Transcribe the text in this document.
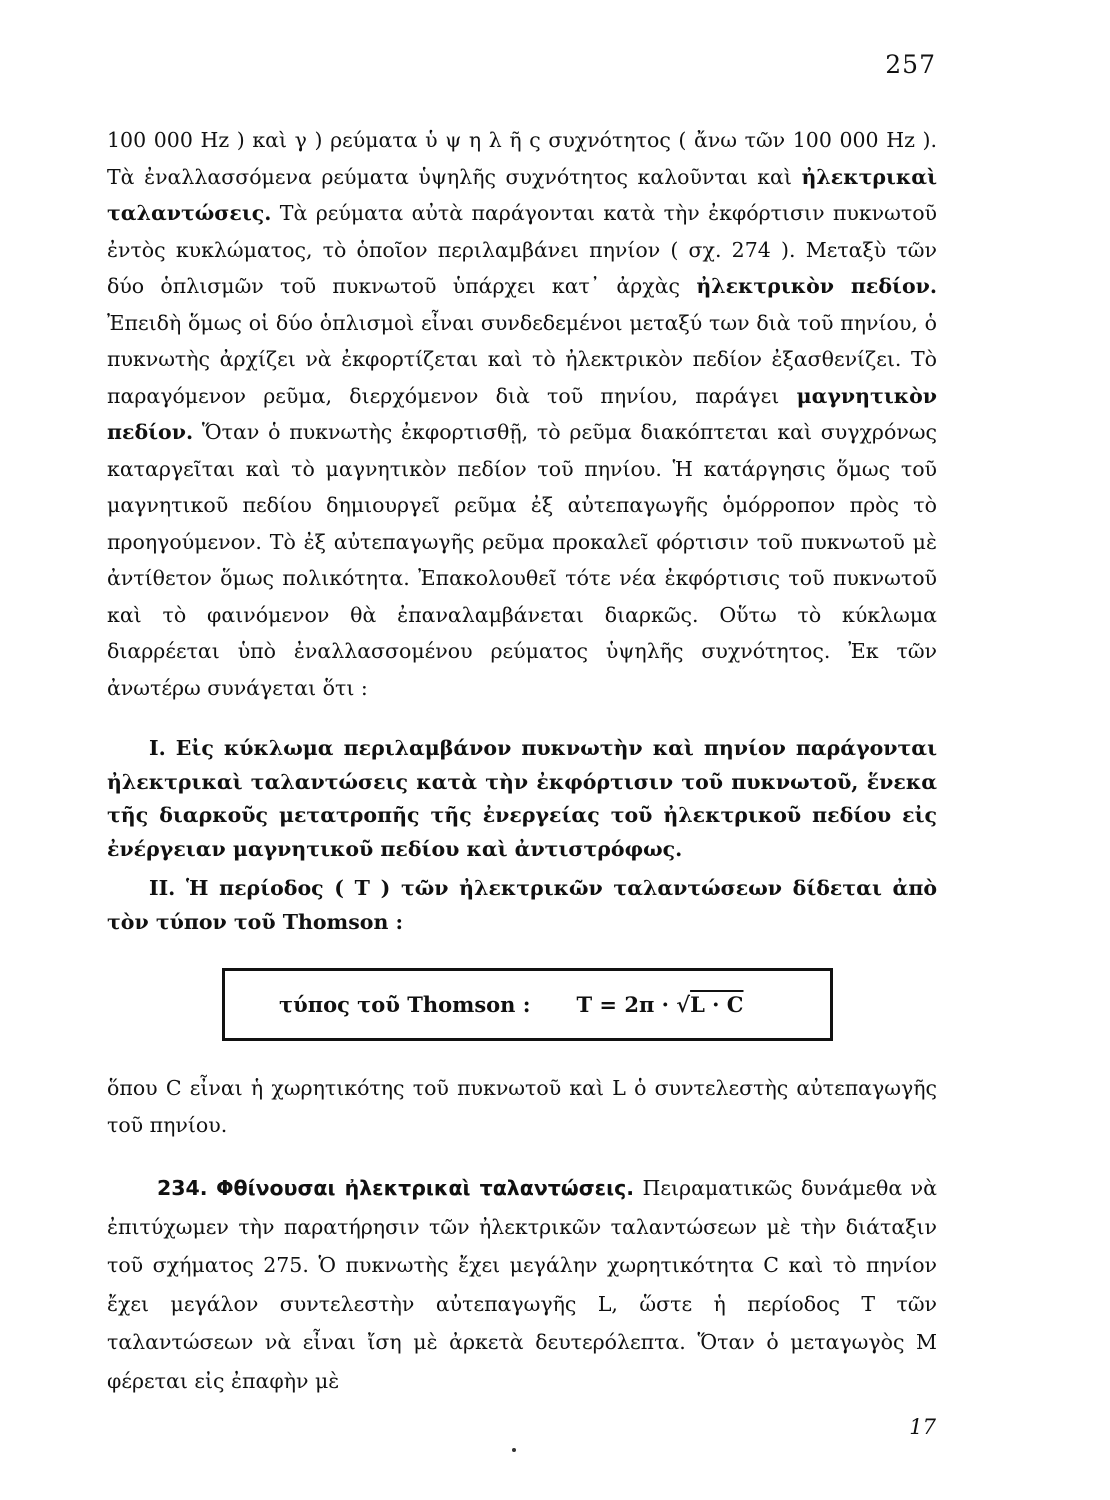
257

100 000 Hz ) καὶ γ ) ρεύματα ὑ ψ η λ ῆ ς συχνότητος ( ἄνω τῶν 100 000 Hz ). Τὰ ἐναλλασσόμενα ρεύματα ὑψηλῆς συχνότητος καλοῦνται καὶ ἠλεκτρικαὶ ταλαντώσεις. Τὰ ρεύματα αὐτὰ παράγονται κατὰ τὴν ἐκφόρτισιν πυκνωτοῦ ἐντὸς κυκλώματος, τὸ ὁποῖον περιλαμβάνει πηνίον ( σχ. 274 ). Μεταξὺ τῶν δύο ὁπλισμῶν τοῦ πυκνωτοῦ ὑπάρχει κατ᾽ ἀρχὰς ἠλεκτρικὸν πεδίον. Ἐπειδὴ ὅμως οἱ δύο ὁπλισμοὶ εἶναι συνδεδεμένοι μεταξύ των διὰ τοῦ πηνίου, ὁ πυκνωτὴς ἀρχίζει νὰ ἐκφορτίζεται καὶ τὸ ἠλεκτρικὸν πεδίον ἐξασθενίζει. Τὸ παραγόμενον ρεῦμα, διερχόμενον διὰ τοῦ πηνίου, παράγει μαγνητικὸν πεδίον. Ὅταν ὁ πυκνωτὴς ἐκφορτισθῇ, τὸ ρεῦμα διακόπτεται καὶ συγχρόνως καταργεῖται καὶ τὸ μαγνητικὸν πεδίον τοῦ πηνίου. Ἡ κατάργησις ὅμως τοῦ μαγνητικοῦ πεδίου δημιουργεῖ ρεῦμα ἐξ αὐτεπαγωγῆς ὁμόρροπον πρὸς τὸ προηγούμενον. Τὸ ἐξ αὐτεπαγωγῆς ρεῦμα προκαλεῖ φόρτισιν τοῦ πυκνωτοῦ μὲ ἀντίθετον ὅμως πολικότητα. Ἐπακολουθεῖ τότε νέα ἐκφόρτισις τοῦ πυκνωτοῦ καὶ τὸ φαινόμενον θὰ ἐπαναλαμβάνεται διαρκῶς. Οὕτω τὸ κύκλωμα διαρρέεται ὑπὸ ἐναλλασσομένου ρεύματος ὑψηλῆς συχνότητος. Ἐκ τῶν ἀνωτέρω συνάγεται ὅτι :

I. Εἰς κύκλωμα περιλαμβάνον πυκνωτὴν καὶ πηνίον παράγονται ἠλεκτρικαὶ ταλαντώσεις κατὰ τὴν ἐκφόρτισιν τοῦ πυκνωτοῦ, ἕνεκα τῆς διαρκοῦς μετατροπῆς τῆς ἐνεργείας τοῦ ἠλεκτρικοῦ πεδίου εἰς ἐνέργειαν μαγνητικοῦ πεδίου καὶ ἀντιστρόφως.

II. Ἡ περίοδος ( T ) τῶν ἠλεκτρικῶν ταλαντώσεων δίδεται ἀπὸ τὸν τύπον τοῦ Thomson :

τύπος τοῦ Thomson : T = 2π · √L · C

ὅπου C εἶναι ἡ χωρητικότης τοῦ πυκνωτοῦ καὶ L ὁ συντελεστὴς αὐτεπαγωγῆς τοῦ πηνίου.

234. Φθίνουσαι ἠλεκτρικαὶ ταλαντώσεις. Πειραματικῶς δυνάμεθα νὰ ἐπιτύχωμεν τὴν παρατήρησιν τῶν ἠλεκτρικῶν ταλαντώσεων μὲ τὴν διάταξιν τοῦ σχήματος 275. Ὁ πυκνωτὴς ἔχει μεγάλην χωρητικότητα C καὶ τὸ πηνίον ἔχει μεγάλον συντελεστὴν αὐτεπαγωγῆς L, ὥστε ἡ περίοδος T τῶν ταλαντώσεων νὰ εἶναι ἴση μὲ ἀρκετὰ δευτερόλεπτα. Ὅταν ὁ μεταγωγὸς M φέρεται εἰς ἐπαφὴν μὲ

17
